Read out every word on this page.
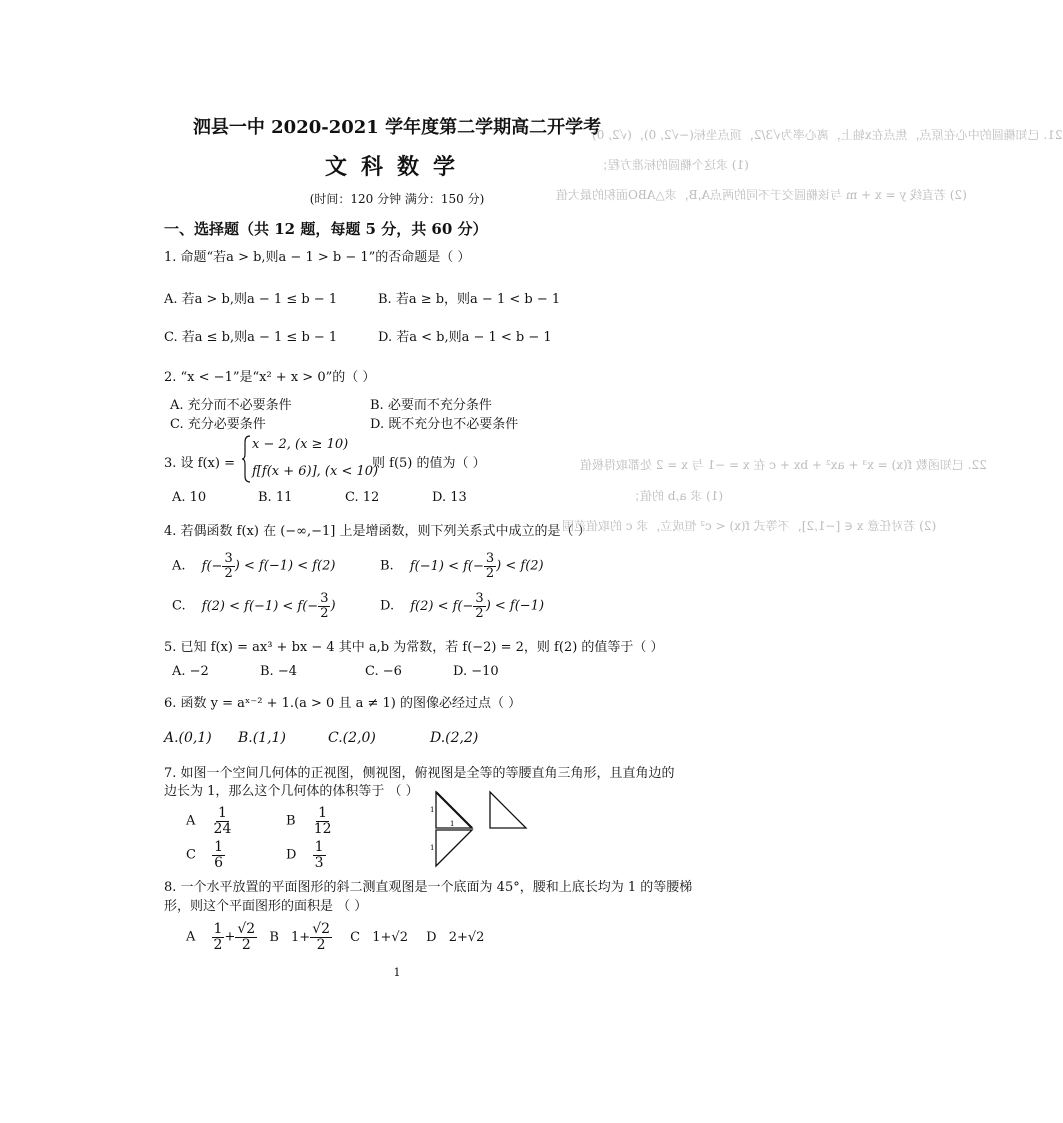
21. 已知椭圆的中心在原点，焦点在x轴上，离心率为√3/2，顶点坐标(−√2, 0)，(√2, 0)
(1) 求这个椭圆的标准方程；
(2) 若直线 y = x + m 与该椭圆交于不同的两点A,B，求△ABO面积的最大值
22. 已知函数 f(x) = x³ + ax² + bx + c 在 x = −1 与 x = 2 处都取得极值
(1) 求 a,b 的值；
(2) 若对任意 x ∈ [−1,2]，不等式 f(x) < c² 恒成立，求 c 的取值范围
泗县一中 2020-2021 学年度第二学期高二开学考
文科数学
(时间：120 分钟 满分：150 分)
一、选择题（共 12 题，每题 5 分，共 60 分）
1. 命题“若a > b,则a − 1 > b − 1”的否命题是（ ）
A. 若a > b,则a − 1 ≤ b − 1	B. 若a ≥ b，则a − 1 < b − 1
C. 若a ≤ b,则a − 1 ≤ b − 1	D. 若a < b,则a − 1 < b − 1
2. “x < −1”是“x² + x > 0”的（ ）
A. 充分而不必要条件	B. 必要而不充分条件
C. 充分必要条件	D. 既不充分也不必要条件
3. 设 f(x) =
x − 2, (x ≥ 10)
f[f(x + 6)], (x < 10)
则 f(5) 的值为（ ）
A. 10	B. 11	C. 12	D. 13
4. 若偶函数 f(x) 在 (−∞,−1] 上是增函数，则下列关系式中成立的是（ ）
A. $f(- \frac{3}{2}$ ) < f(−1) < f(2)	B. $f(-1) < f(- \frac{3}{2}$ ) < f(2)
C. $f(2) < f(-1) < f(- \frac{3}{2}$ )	D. $f(2) < f(- \frac{3}{2}$ ) < f(−1)
5. 已知 f(x) = ax³ + bx − 4 其中 a,b 为常数，若 f(−2) = 2，则 f(2) 的值等于（ ）
A. −2	B. −4	C. −6	D. −10
6. 函数 y = aˣ⁻² + 1.(a > 0 且 a ≠ 1) 的图像必经过点（ ）
A.(0,1) B.(1,1)	C.(2,0)	D.(2,2)
7. 如图一个空间几何体的正视图，侧视图，俯视图是全等的等腰直角三角形，且直角边的
边长为 1，那么这个几何体的体积等于 （ ）
A $\frac{1}{24}$	B $\frac{1}{12}$
C $\frac{1}{6}$	D $\frac{1}{3}$
1
1
1
8. 一个水平放置的平面图形的斜二测直观图是一个底面为 45°，腰和上底长均为 1 的等腰梯
形，则这个平面图形的面积是 （ ）
A $\frac{1}{2} + \frac{√2}{2}$ B $1+ \frac{√2}{2}$ C 1+√2 D 2+√2
1
